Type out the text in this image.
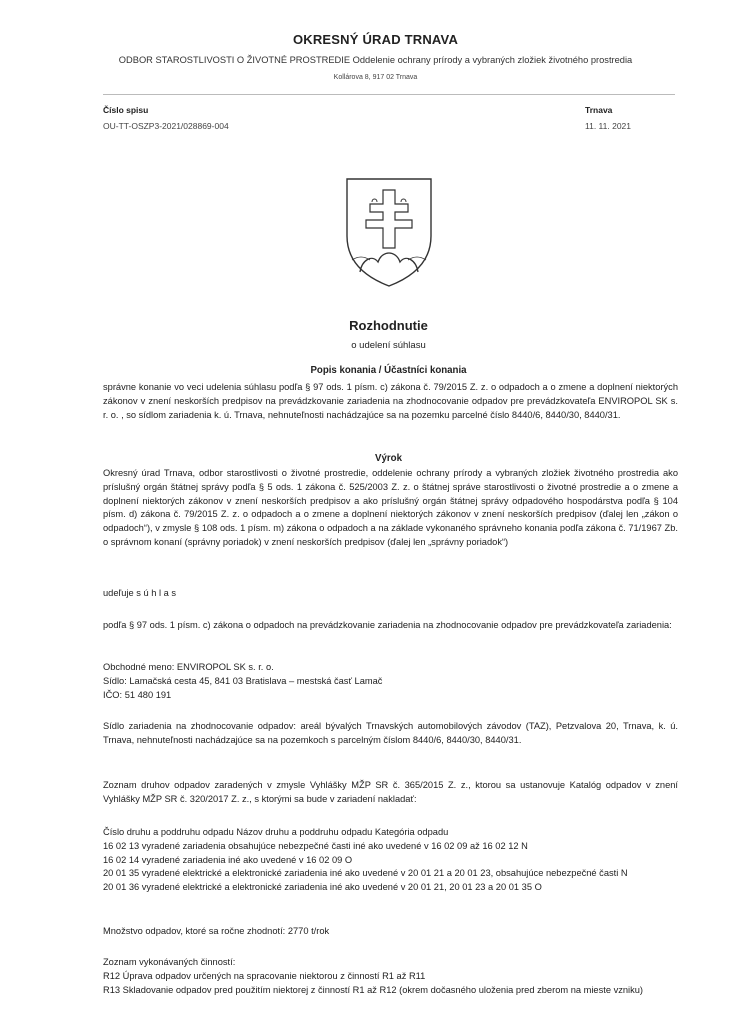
OKRESNÝ ÚRAD TRNAVA
ODBOR STAROSTLIVOSTI O ŽIVOTNÉ PROSTREDIE Oddelenie ochrany prírody a vybraných zložiek životného prostredia
Kollárova 8, 917 02 Trnava
Číslo spisu
OU-TT-OSZP3-2021/028869-004
Trnava
11. 11. 2021
Rozhodnutie
o udelení súhlasu
Popis konania / Účastníci konania
správne konanie vo veci udelenia súhlasu podľa § 97 ods. 1 písm. c) zákona č. 79/2015 Z. z. o odpadoch a o zmene a doplnení niektorých zákonov v znení neskorších predpisov na prevádzkovanie zariadenia na zhodnocovanie odpadov pre prevádzkovateľa ENVIROPOL SK s. r. o. , so sídlom zariadenia k. ú. Trnava, nehnuteľnosti nachádzajúce sa na pozemku parcelné číslo 8440/6, 8440/30, 8440/31.
Výrok
Okresný úrad Trnava, odbor starostlivosti o životné prostredie, oddelenie ochrany prírody a vybraných zložiek životného prostredia ako príslušný orgán štátnej správy podľa § 5 ods. 1 zákona č. 525/2003 Z. z. o štátnej správe starostlivosti o životné prostredie a o zmene a doplnení niektorých zákonov v znení neskorších predpisov a ako príslušný orgán štátnej správy odpadového hospodárstva podľa § 104 písm. d) zákona č. 79/2015 Z. z. o odpadoch a o zmene a doplnení niektorých zákonov v znení neskorších predpisov (ďalej len „zákon o odpadoch“), v zmysle § 108 ods. 1 písm. m) zákona o odpadoch a na základe vykonaného správneho konania podľa zákona č. 71/1967 Zb. o správnom konaní (správny poriadok) v znení neskorších predpisov (ďalej len „správny poriadok“)
udeľuje s ú h l a s
podľa § 97 ods. 1 písm. c) zákona o odpadoch na prevádzkovanie zariadenia na zhodnocovanie odpadov pre prevádzkovateľa zariadenia:
Obchodné meno: ENVIROPOL SK s. r. o.
Sídlo: Lamačská cesta 45, 841 03 Bratislava – mestská časť Lamač
IČO: 51 480 191
Sídlo zariadenia na zhodnocovanie odpadov: areál bývalých Trnavských automobilových závodov (TAZ), Petzvalova 20, Trnava, k. ú. Trnava, nehnuteľnosti nachádzajúce sa na pozemkoch s parcelným číslom 8440/6, 8440/30, 8440/31.
Zoznam druhov odpadov zaradených v zmysle Vyhlášky MŽP SR č. 365/2015 Z. z., ktorou sa ustanovuje Katalóg odpadov v znení Vyhlášky MŽP SR č. 320/2017 Z. z., s ktorými sa bude v zariadení nakladať:
Číslo druhu a poddruhu odpadu Názov druhu a poddruhu odpadu Kategória odpadu
16 02 13 vyradené zariadenia obsahujúce nebezpečné časti iné ako uvedené v 16 02 09 až 16 02 12 N
16 02 14 vyradené zariadenia iné ako uvedené v 16 02 09 O
20 01 35 vyradené elektrické a elektronické zariadenia iné ako uvedené v 20 01 21 a 20 01 23, obsahujúce nebezpečné časti N
20 01 36 vyradené elektrické a elektronické zariadenia iné ako uvedené v 20 01 21, 20 01 23 a 20 01 35 O
Množstvo odpadov, ktoré sa ročne zhodnotí: 2770 t/rok
Zoznam vykonávaných činností:
R12 Úprava odpadov určených na spracovanie niektorou z činností R1 až R11
R13 Skladovanie odpadov pred použitím niektorej z činností R1 až R12 (okrem dočasného uloženia pred zberom na mieste vzniku)
